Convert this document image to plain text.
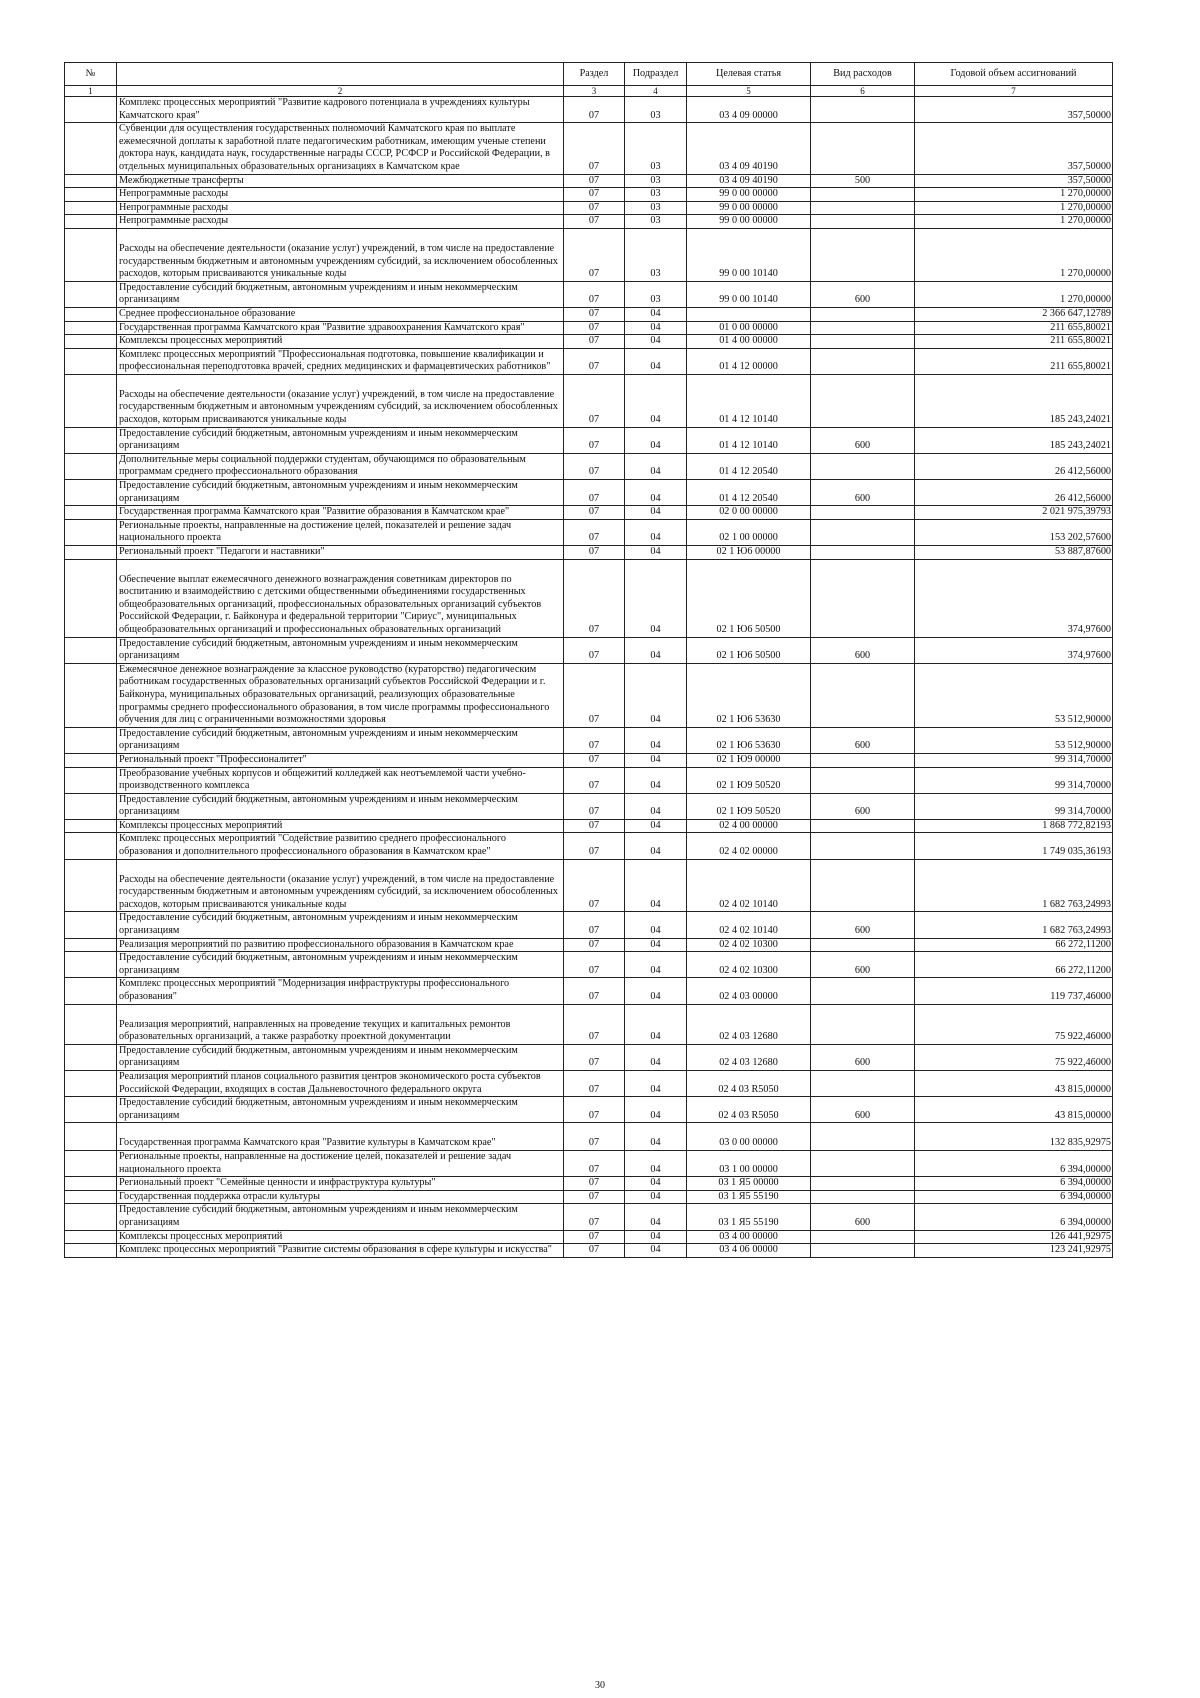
№		Раздел	Подраздел	Целевая статья	Вид расходов	Годовой объем ассигнований
1	2	3	4	5	6	7
	Комплекс процессных мероприятий "Развитие кадрового потенциала в учреждениях культуры Камчатского края"	07	03	03 4 09 00000		357,50000
	Субвенции для осуществления государственных полномочий Камчатского края по выплате ежемесячной доплаты к заработной плате педагогическим работникам, имеющим ученые степени доктора наук, кандидата наук, государственные награды СССР, РСФСР и Российской Федерации, в отдельных муниципальных образовательных организациях в Камчатском крае	07	03	03 4 09 40190		357,50000
	Межбюджетные трансферты	07	03	03 4 09 40190	500	357,50000
	Непрограммные расходы	07	03	99 0 00 00000		1 270,00000
	Непрограммные расходы	07	03	99 0 00 00000		1 270,00000
	Непрограммные расходы	07	03	99 0 00 00000		1 270,00000
	Расходы на обеспечение деятельности (оказание услуг) учреждений, в том числе на предоставление государственным бюджетным и автономным учреждениям субсидий, за исключением обособленных расходов, которым присваиваются уникальные коды	07	03	99 0 00 10140		1 270,00000
	Предоставление субсидий бюджетным, автономным учреждениям и иным некоммерческим организациям	07	03	99 0 00 10140	600	1 270,00000
	Среднее профессиональное образование	07	04			2 366 647,12789
	Государственная программа Камчатского края "Развитие здравоохранения Камчатского края"	07	04	01 0 00 00000		211 655,80021
	Комплексы процессных мероприятий	07	04	01 4 00 00000		211 655,80021
	Комплекс процессных мероприятий "Профессиональная подготовка, повышение квалификации и профессиональная переподготовка врачей, средних медицинских и фармацевтических работников"	07	04	01 4 12 00000		211 655,80021
	Расходы на обеспечение деятельности (оказание услуг) учреждений, в том числе на предоставление государственным бюджетным и автономным учреждениям субсидий, за исключением обособленных расходов, которым присваиваются уникальные коды	07	04	01 4 12 10140		185 243,24021
	Предоставление субсидий бюджетным, автономным учреждениям и иным некоммерческим организациям	07	04	01 4 12 10140	600	185 243,24021
	Дополнительные меры социальной поддержки студентам, обучающимся по образовательным программам среднего профессионального образования	07	04	01 4 12 20540		26 412,56000
	Предоставление субсидий бюджетным, автономным учреждениям и иным некоммерческим организациям	07	04	01 4 12 20540	600	26 412,56000
	Государственная программа Камчатского края "Развитие образования в Камчатском крае"	07	04	02 0 00 00000		2 021 975,39793
	Региональные проекты, направленные на достижение целей, показателей и решение задач национального проекта	07	04	02 1 00 00000		153 202,57600
	Региональный проект "Педагоги и наставники"	07	04	02 1 Ю6 00000		53 887,87600
	Обеспечение выплат ежемесячного денежного вознаграждения советникам директоров по воспитанию и взаимодействию с детскими общественными объединениями государственных общеобразовательных организаций, профессиональных образовательных организаций субъектов Российской Федерации, г. Байконура и федеральной территории "Сириус", муниципальных общеобразовательных организаций и профессиональных образовательных организаций	07	04	02 1 Ю6 50500		374,97600
	Предоставление субсидий бюджетным, автономным учреждениям и иным некоммерческим организациям	07	04	02 1 Ю6 50500	600	374,97600
	Ежемесячное денежное вознаграждение за классное руководство (кураторство) педагогическим работникам государственных образовательных организаций субъектов Российской Федерации и г. Байконура, муниципальных образовательных организаций, реализующих образовательные программы среднего профессионального образования, в том числе программы профессионального обучения для лиц с ограниченными возможностями здоровья	07	04	02 1 Ю6 53630		53 512,90000
	Предоставление субсидий бюджетным, автономным учреждениям и иным некоммерческим организациям	07	04	02 1 Ю6 53630	600	53 512,90000
	Региональный проект "Профессионалитет"	07	04	02 1 Ю9 00000		99 314,70000
	Преобразование учебных корпусов и общежитий колледжей как неотъемлемой части учебно-производственного комплекса	07	04	02 1 Ю9 50520		99 314,70000
	Предоставление субсидий бюджетным, автономным учреждениям и иным некоммерческим организациям	07	04	02 1 Ю9 50520	600	99 314,70000
	Комплексы процессных мероприятий	07	04	02 4 00 00000		1 868 772,82193
	Комплекс процессных мероприятий "Содействие развитию среднего профессионального образования и дополнительного профессионального образования в Камчатском крае"	07	04	02 4 02 00000		1 749 035,36193
	Расходы на обеспечение деятельности (оказание услуг) учреждений, в том числе на предоставление государственным бюджетным и автономным учреждениям субсидий, за исключением обособленных расходов, которым присваиваются уникальные коды	07	04	02 4 02 10140		1 682 763,24993
	Предоставление субсидий бюджетным, автономным учреждениям и иным некоммерческим организациям	07	04	02 4 02 10140	600	1 682 763,24993
	Реализация мероприятий по развитию профессионального образования в Камчатском крае	07	04	02 4 02 10300		66 272,11200
	Предоставление субсидий бюджетным, автономным учреждениям и иным некоммерческим организациям	07	04	02 4 02 10300	600	66 272,11200
	Комплекс процессных мероприятий "Модернизация инфраструктуры профессионального образования"	07	04	02 4 03 00000		119 737,46000
	Реализация мероприятий, направленных на проведение текущих и капитальных ремонтов образовательных организаций, а также разработку проектной документации	07	04	02 4 03 12680		75 922,46000
	Предоставление субсидий бюджетным, автономным учреждениям и иным некоммерческим организациям	07	04	02 4 03 12680	600	75 922,46000
	Реализация мероприятий планов социального развития центров экономического роста субъектов Российской Федерации, входящих в состав Дальневосточного федерального округа	07	04	02 4 03 R5050		43 815,00000
	Предоставление субсидий бюджетным, автономным учреждениям и иным некоммерческим организациям	07	04	02 4 03 R5050	600	43 815,00000
	Государственная программа Камчатского края "Развитие культуры в Камчатском крае"	07	04	03 0 00 00000		132 835,92975
	Региональные проекты, направленные на достижение целей, показателей и решение задач национального проекта	07	04	03 1 00 00000		6 394,00000
	Региональный проект "Семейные ценности и инфраструктура культуры"	07	04	03 1 Я5 00000		6 394,00000
	Государственная поддержка отрасли культуры	07	04	03 1 Я5 55190		6 394,00000
	Предоставление субсидий бюджетным, автономным учреждениям и иным некоммерческим организациям	07	04	03 1 Я5 55190	600	6 394,00000
	Комплексы процессных мероприятий	07	04	03 4 00 00000		126 441,92975
	Комплекс процессных мероприятий "Развитие системы образования в сфере культуры и искусства"	07	04	03 4 06 00000		123 241,92975
30
